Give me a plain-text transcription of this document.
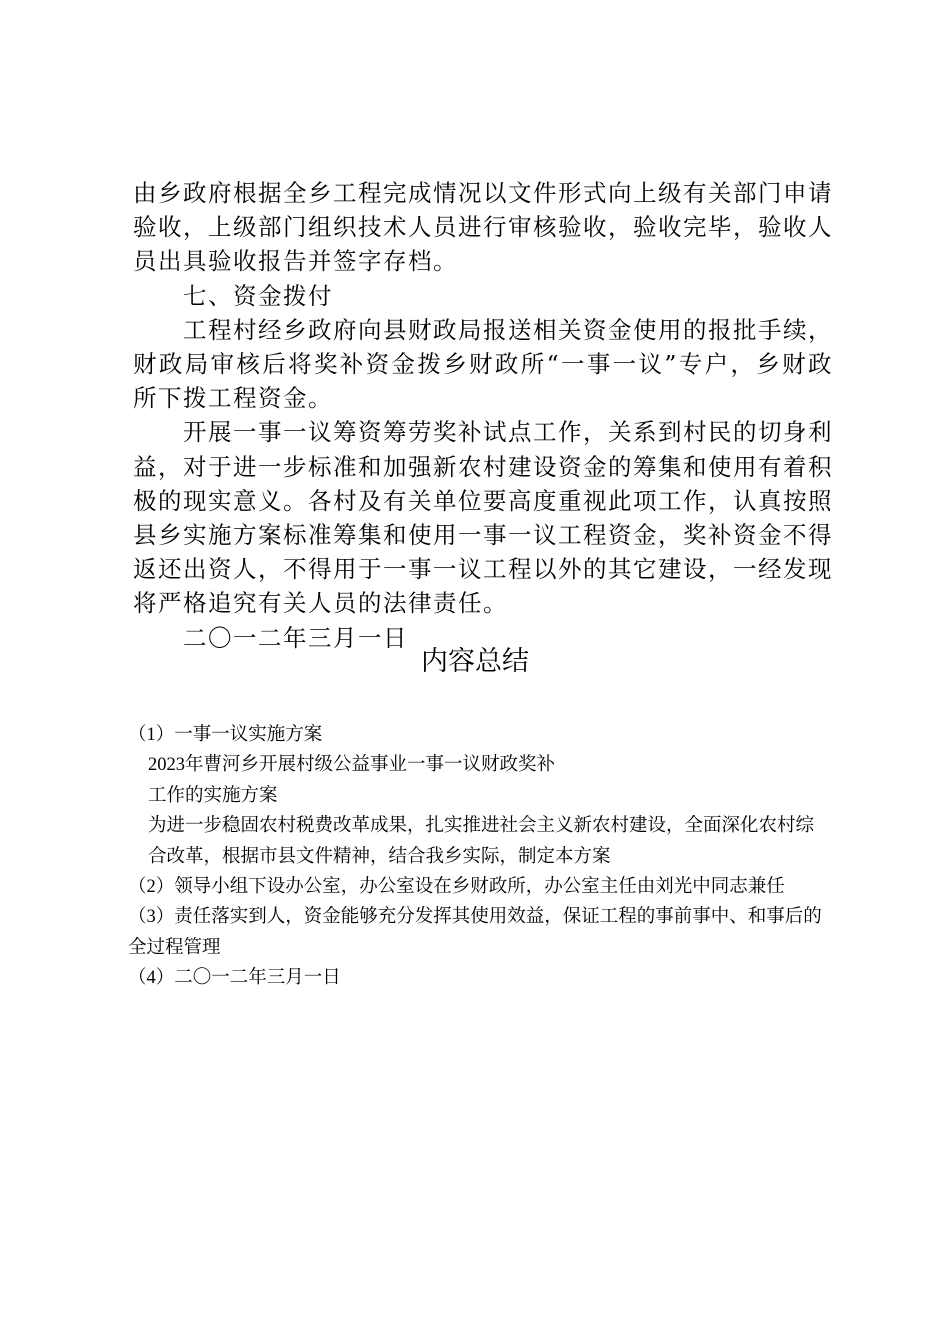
由乡政府根据全乡工程完成情况以文件形式向上级有关部门申请验收，上级部门组织技术人员进行审核验收，验收完毕，验收人员出具验收报告并签字存档。

七、资金拨付

工程村经乡政府向县财政局报送相关资金使用的报批手续，财政局审核后将奖补资金拨乡财政所“一事一议”专户，乡财政所下拨工程资金。

开展一事一议筹资筹劳奖补试点工作，关系到村民的切身利益，对于进一步标准和加强新农村建设资金的筹集和使用有着积极的现实意义。各村及有关单位要高度重视此项工作，认真按照县乡实施方案标准筹集和使用一事一议工程资金，奖补资金不得返还出资人，不得用于一事一议工程以外的其它建设，一经发现将严格追究有关人员的法律责任。

二〇一二年三月一日

内容总结

（1）一事一议实施方案

2023年曹河乡开展村级公益事业一事一议财政奖补

工作的实施方案

为进一步稳固农村税费改革成果，扎实推进社会主义新农村建设，全面深化农村综合改革，根据市县文件精神，结合我乡实际，制定本方案

（2）领导小组下设办公室，办公室设在乡财政所，办公室主任由刘光中同志兼任

（3）责任落实到人，资金能够充分发挥其使用效益，保证工程的事前事中、和事后的全过程管理

（4）二〇一二年三月一日
